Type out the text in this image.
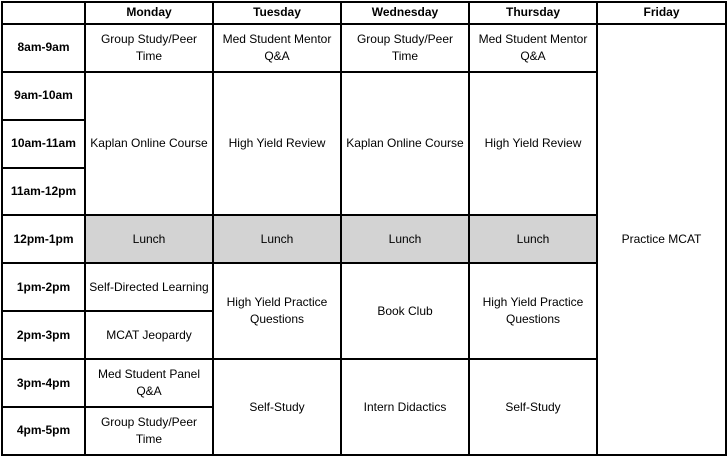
	Monday	Tuesday	Wednesday	Thursday	Friday
8am-9am	Group Study/Peer Time	Med Student Mentor Q&A	Group Study/Peer Time	Med Student Mentor Q&A	Practice MCAT
9am-10am	Kaplan Online Course	High Yield Review	Kaplan Online Course	High Yield Review	
10am-11am					
11am-12pm					
12pm-1pm	Lunch	Lunch	Lunch	Lunch	
1pm-2pm	Self-Directed Learning	High Yield Practice Questions	Book Club	High Yield Practice Questions	
2pm-3pm	MCAT Jeopardy				
3pm-4pm	Med Student Panel Q&A	Self-Study	Intern Didactics	Self-Study	
4pm-5pm	Group Study/Peer Time				
